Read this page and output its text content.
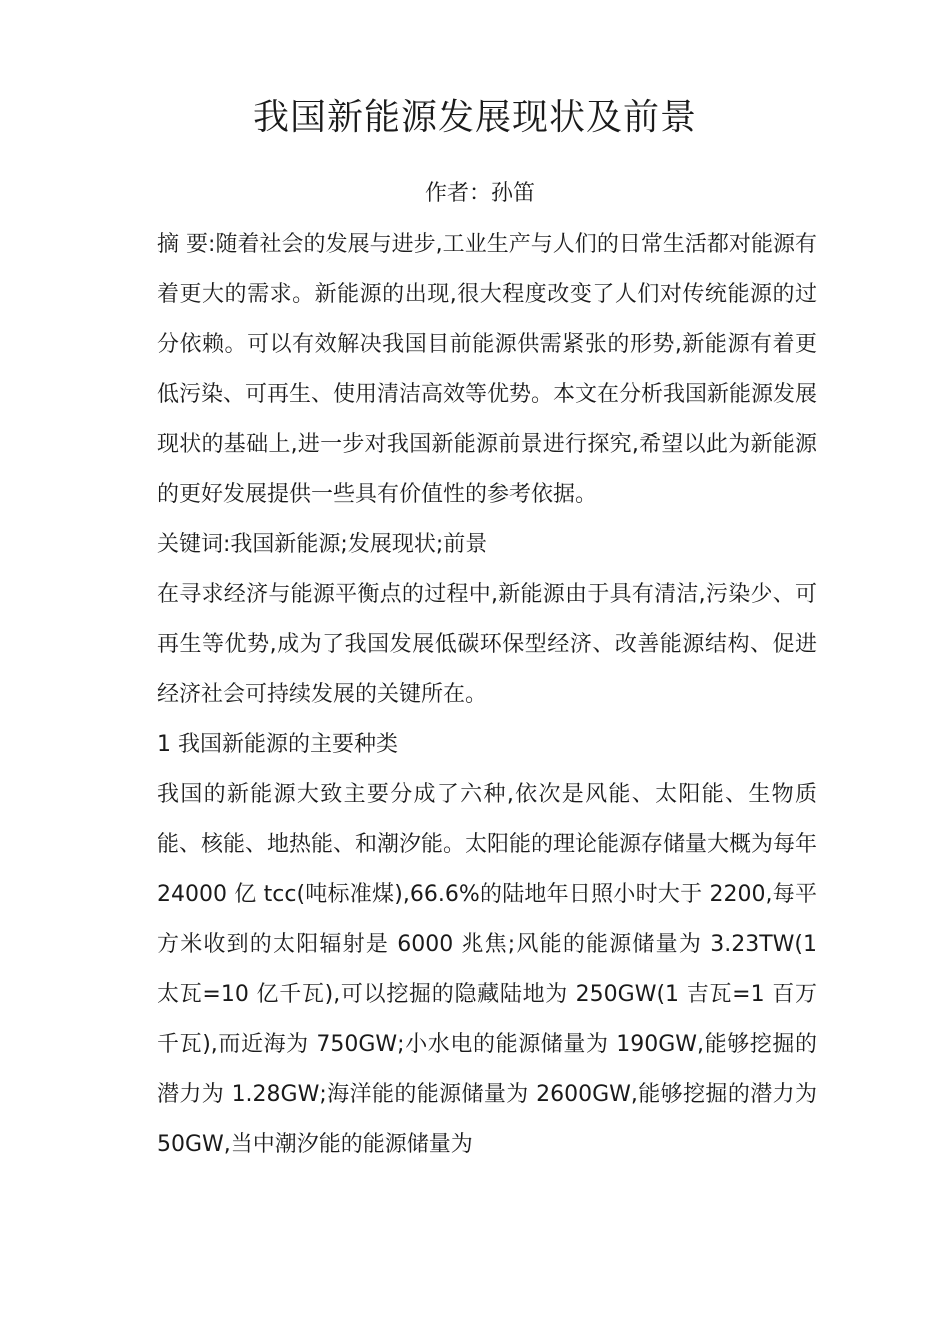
我国新能源发展现状及前景
作者：孙笛

摘 要:随着社会的发展与进步,工业生产与人们的日常生活都对能源有着更大的需求。新能源的出现,很大程度改变了人们对传统能源的过分依赖。可以有效解决我国目前能源供需紧张的形势,新能源有着更低污染、可再生、使用清洁高效等优势。本文在分析我国新能源发展现状的基础上,进一步对我国新能源前景进行探究,希望以此为新能源的更好发展提供一些具有价值性的参考依据。

关键词:我国新能源;发展现状;前景

在寻求经济与能源平衡点的过程中,新能源由于具有清洁,污染少、可再生等优势,成为了我国发展低碳环保型经济、改善能源结构、促进经济社会可持续发展的关键所在。

1 我国新能源的主要种类

我国的新能源大致主要分成了六种,依次是风能、太阳能、生物质能、核能、地热能、和潮汐能。太阳能的理论能源存储量大概为每年 24000 亿 tcc(吨标准煤),66.6%的陆地年日照小时大于 2200,每平方米收到的太阳辐射是 6000 兆焦;风能的能源储量为 3.23TW(1 太瓦=10 亿千瓦),可以挖掘的隐藏陆地为 250GW(1 吉瓦=1 百万千瓦),而近海为 750GW;小水电的能源储量为 190GW,能够挖掘的潜力为 1.28GW;海洋能的能源储量为 2600GW,能够挖掘的潜力为 50GW,当中潮汐能的能源储量为
